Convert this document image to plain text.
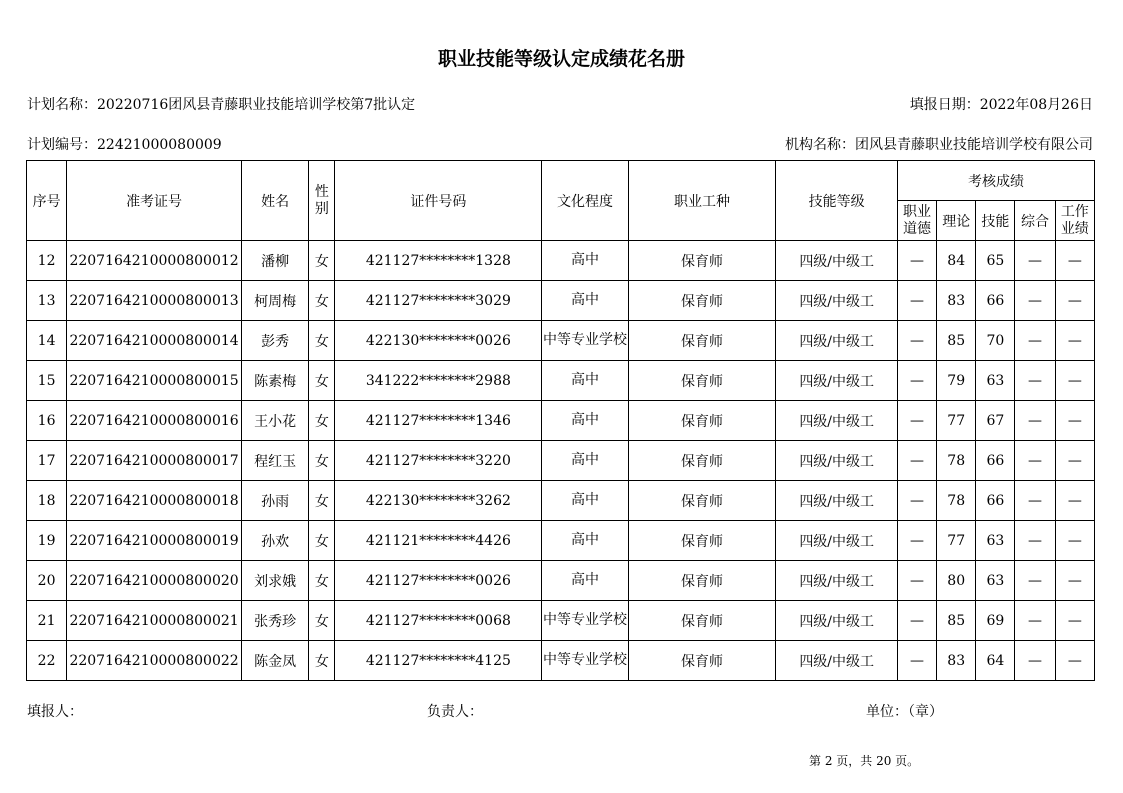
职业技能等级认定成绩花名册
计划名称：20220716团风县青藤职业技能培训学校第7批认定	填报日期：2022年08月26日
计划编号：22421000080009	机构名称：团风县青藤职业技能培训学校有限公司
序号	准考证号	姓名	性别	证件号码	文化程度	职业工种	技能等级	考核成绩				
								职业道德	理论	技能	综合	工作业绩
12	2207164210000800012	潘柳	女	421127********1328	高中	保育师	四级/中级工	—	84	65	—	—
13	2207164210000800013	柯周梅	女	421127********3029	高中	保育师	四级/中级工	—	83	66	—	—
14	2207164210000800014	彭秀	女	422130********0026	中等专业学校	保育师	四级/中级工	—	85	70	—	—
15	2207164210000800015	陈素梅	女	341222********2988	高中	保育师	四级/中级工	—	79	63	—	—
16	2207164210000800016	王小花	女	421127********1346	高中	保育师	四级/中级工	—	77	67	—	—
17	2207164210000800017	程红玉	女	421127********3220	高中	保育师	四级/中级工	—	78	66	—	—
18	2207164210000800018	孙雨	女	422130********3262	高中	保育师	四级/中级工	—	78	66	—	—
19	2207164210000800019	孙欢	女	421121********4426	高中	保育师	四级/中级工	—	77	63	—	—
20	2207164210000800020	刘求娥	女	421127********0026	高中	保育师	四级/中级工	—	80	63	—	—
21	2207164210000800021	张秀珍	女	421127********0068	中等专业学校	保育师	四级/中级工	—	85	69	—	—
22	2207164210000800022	陈金凤	女	421127********4125	中等专业学校	保育师	四级/中级工	—	83	64	—	—
填报人：	负责人：	单位：（章）
第 2 页，共 20 页。
